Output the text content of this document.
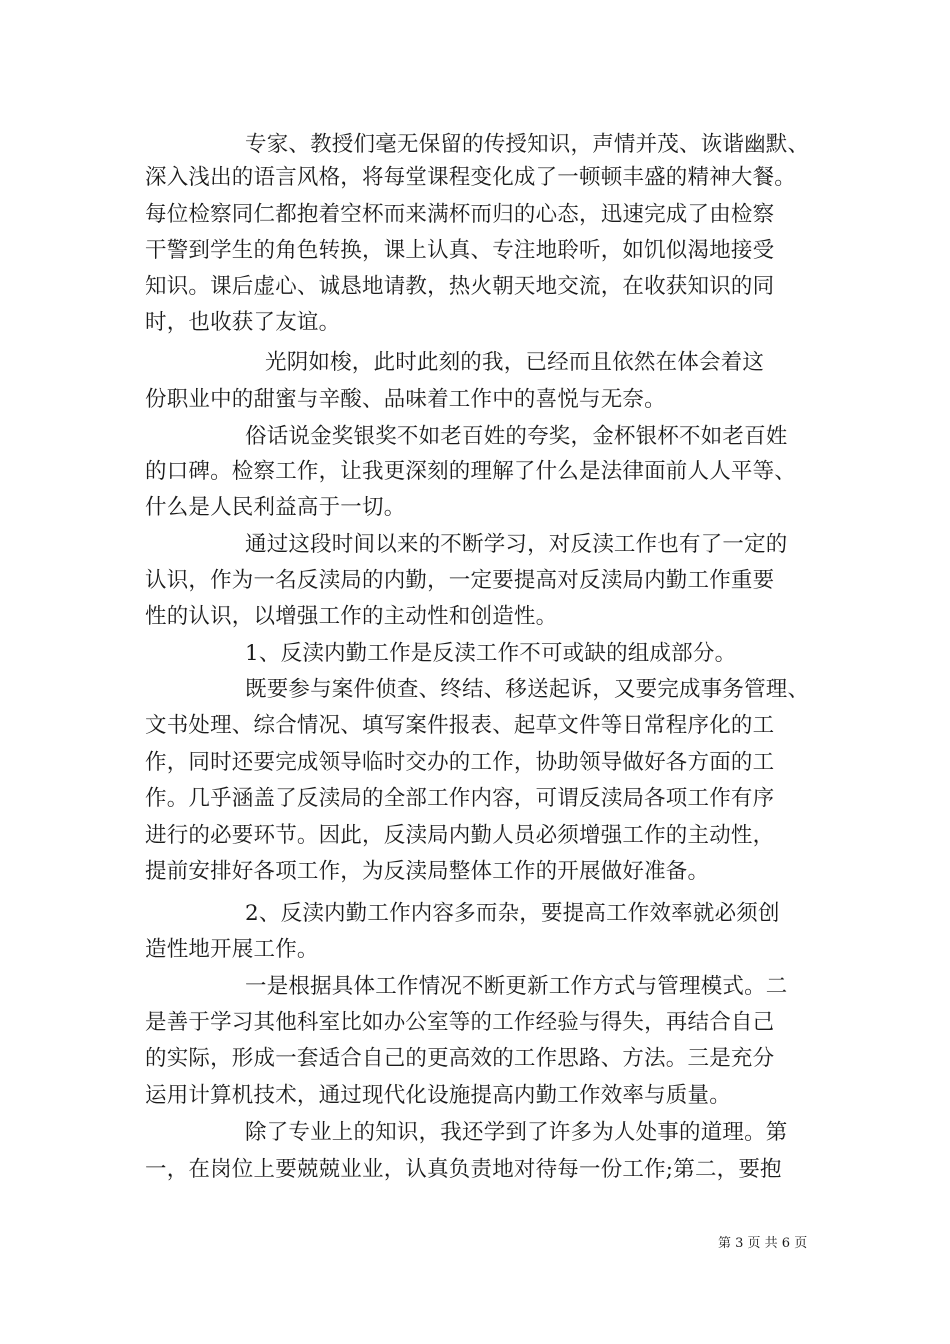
专家、教授们毫无保留的传授知识，声情并茂、诙谐幽默、
深入浅出的语言风格，将每堂课程变化成了一顿顿丰盛的精神大餐。
每位检察同仁都抱着空杯而来满杯而归的心态，迅速完成了由检察
干警到学生的角色转换，课上认真、专注地聆听，如饥似渴地接受
知识。课后虚心、诚恳地请教，热火朝天地交流，在收获知识的同
时，也收获了友谊。
光阴如梭，此时此刻的我，已经而且依然在体会着这
份职业中的甜蜜与辛酸、品味着工作中的喜悦与无奈。
俗话说金奖银奖不如老百姓的夸奖，金杯银杯不如老百姓
的口碑。检察工作，让我更深刻的理解了什么是法律面前人人平等、
什么是人民利益高于一切。
通过这段时间以来的不断学习，对反渎工作也有了一定的
认识，作为一名反渎局的内勤，一定要提高对反渎局内勤工作重要
性的认识，以增强工作的主动性和创造性。
1、反渎内勤工作是反渎工作不可或缺的组成部分。
既要参与案件侦查、终结、移送起诉，又要完成事务管理、
文书处理、综合情况、填写案件报表、起草文件等日常程序化的工
作，同时还要完成领导临时交办的工作，协助领导做好各方面的工
作。几乎涵盖了反渎局的全部工作内容，可谓反渎局各项工作有序
进行的必要环节。因此，反渎局内勤人员必须增强工作的主动性，
提前安排好各项工作，为反渎局整体工作的开展做好准备。
2、反渎内勤工作内容多而杂，要提高工作效率就必须创
造性地开展工作。
一是根据具体工作情况不断更新工作方式与管理模式。二
是善于学习其他科室比如办公室等的工作经验与得失，再结合自己
的实际，形成一套适合自己的更高效的工作思路、方法。三是充分
运用计算机技术，通过现代化设施提高内勤工作效率与质量。
除了专业上的知识，我还学到了许多为人处事的道理。第
一，在岗位上要兢兢业业，认真负责地对待每一份工作;第二，要抱
第 3 页 共 6 页
